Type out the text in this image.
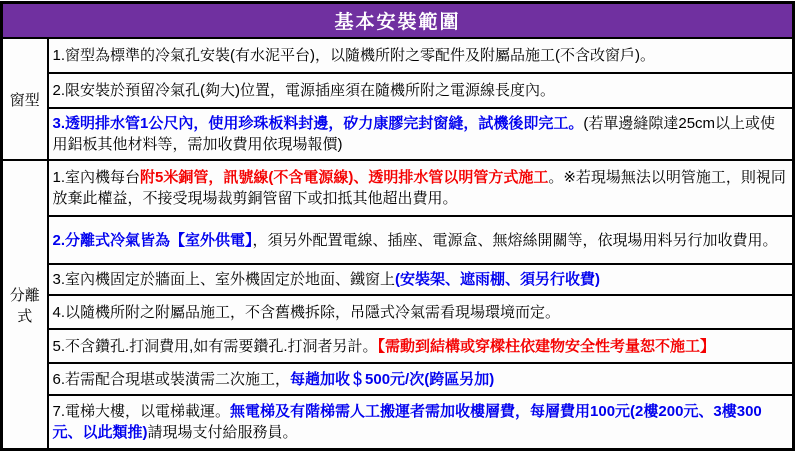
基本安裝範圍	
窗型	1.窗型為標準的冷氣孔安裝(有水泥平台)，以隨機所附之零配件及附屬品施工(不含改窗戶)。
	2.限安裝於預留冷氣孔(夠大)位置，電源插座須在隨機所附之電源線長度內。
	3.透明排水管1公尺內，使用珍珠板料封邊，矽力康膠完封窗縫，試機後即完工。(若單邊縫隙達25cm以上或使用鋁板其他材料等，需加收費用依現場報價)
分離式	1.室內機每台附5米銅管，訊號線(不含電源線)、透明排水管以明管方式施工。※若現場無法以明管施工，則視同放棄此權益，不接受現場裁剪銅管留下或扣抵其他超出費用。
	2.分離式冷氣皆為【室外供電】，須另外配置電線、插座、電源盒、無熔絲開關等，依現場用料另行加收費用。
	3.室內機固定於牆面上、室外機固定於地面、鐵窗上(安裝架、遮雨棚、須另行收費)
	4.以隨機所附之附屬品施工，不含舊機拆除，吊隱式冷氣需看現場環境而定。
	5.不含鑽孔.打洞費用,如有需要鑽孔.打洞者另計。【需動到結構或穿樑柱依建物安全性考量恕不施工】
	6.若需配合現堪或裝潢需二次施工，每趟加收＄500元/次(跨區另加)
	7.電梯大樓，以電梯載運。無電梯及有階梯需人工搬運者需加收樓層費，每層費用100元(2樓200元、3樓300元、以此類推)請現場支付給服務員。
